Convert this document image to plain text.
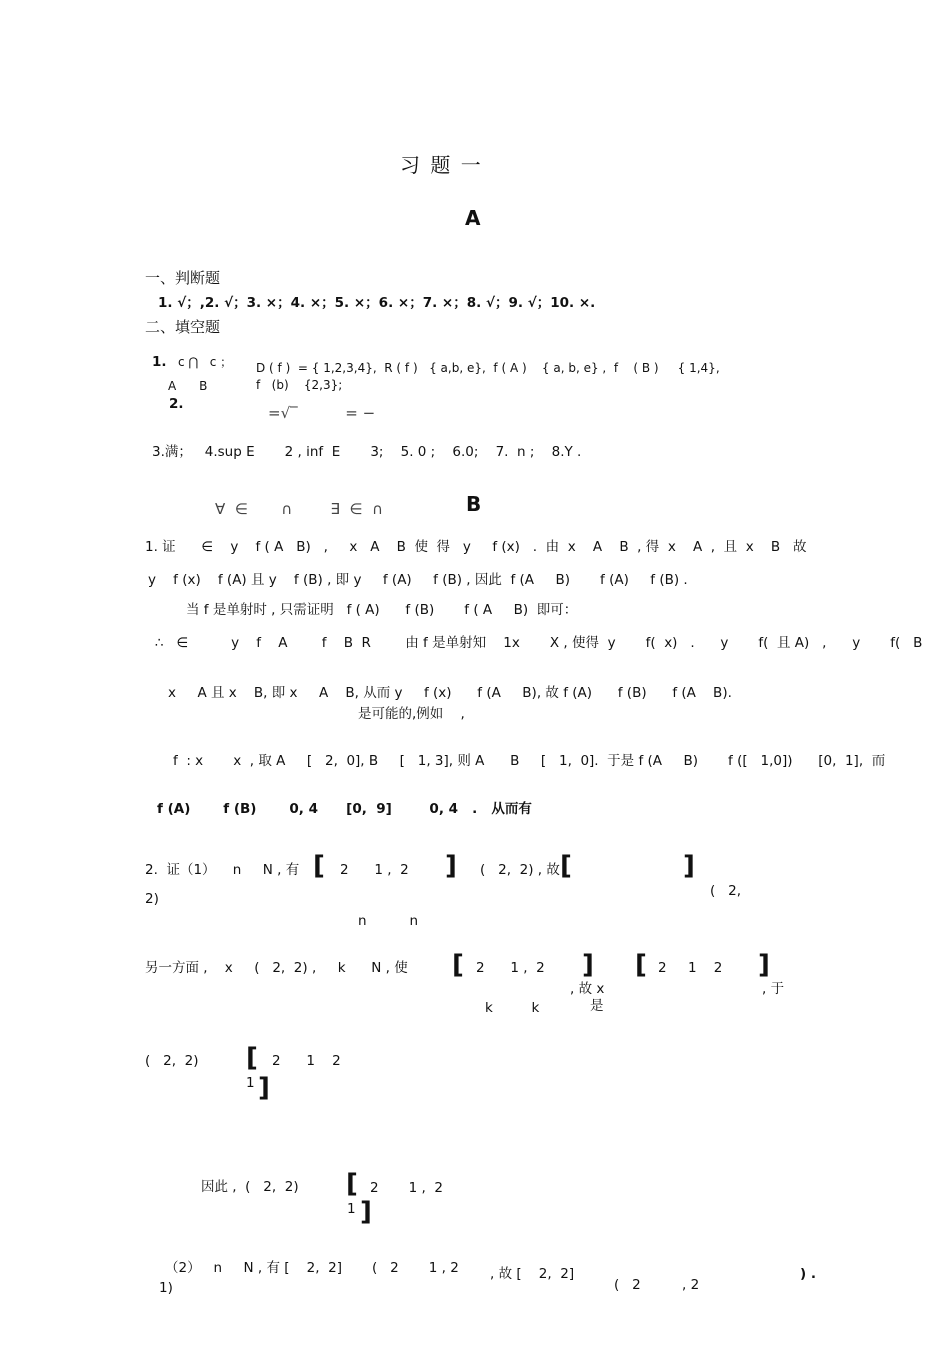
习 题 一
A
一、判断题
1. √；,2. √；3. ×；4. ×；5. ×；6. ×；7. ×；8. √；9. √；10. ×.
二、填空题
1. c ⋂   c ；
A      B
D ( f )  = { 1,2,3,4},  R ( f )   { a,b, e},  f ( A )    { a, b, e} ,  f    ( B )     { 1,4},
f   (b)    {2,3};
2.	=√‾          = −
3.满；   4.sup E       2 , inf  E       3;    5. 0 ;    6.0;    7.  n ;    8.Y .
∀  ∈       ∩        ∃  ∈  ∩	B
1. 证      ∈    y    f ( A   B)   ,     x   A    B  使  得   y     f (x)   .  由  x    A    B  , 得  x    A  ,  且  x    B   故
y    f (x)    f (A) 且 y    f (B) , 即 y     f (A)     f (B) , 因此  f (A     B)       f (A)     f (B) .
当 f 是单射时 , 只需证明   f ( A)      f (B)       f ( A     B)  即可：
∴   ∈          y    f    A        f    B  R        由 f 是单射知    1x       X , 使得  y       f(  x)   .      y       f(  且 A)   ,      y       f(   B
x     A 且 x    B, 即 x     A    B, 从而 y     f (x)      f (A     B), 故 f (A)      f (B)      f (A    B).
是可能的,例如    ,
f  : x       x  , 取 A     [   2,  0], B     [   1, 3], 则 A      B     [   1,  0].  于是 f (A     B)       f ([   1,0])      [0,  1],  而
f (A)       f (B)       0, 4      [0,  9]        0, 4   .   从而有
2.  证（1）    n     N , 有 [ 2      1 ,  2 ] (   2,  2) , 故 [	]
(   2,
2)
n          n
另一方面 ,    x     (   2,  2) ,     k      N , 使 [ 2      1 ,  2 ] [ 2     1    2 ]
, 故 x	, 于
是
k         k
(   2,  2) [ 2      1    2
1 ]
因此 ,  (   2,  2) [ 2       1 ,  2
1 ]
（2）   n     N , 有 [    2,  2]       (   2       1 , 2 , 故 [    2,  2]
(   2	, 2
) .
1)
